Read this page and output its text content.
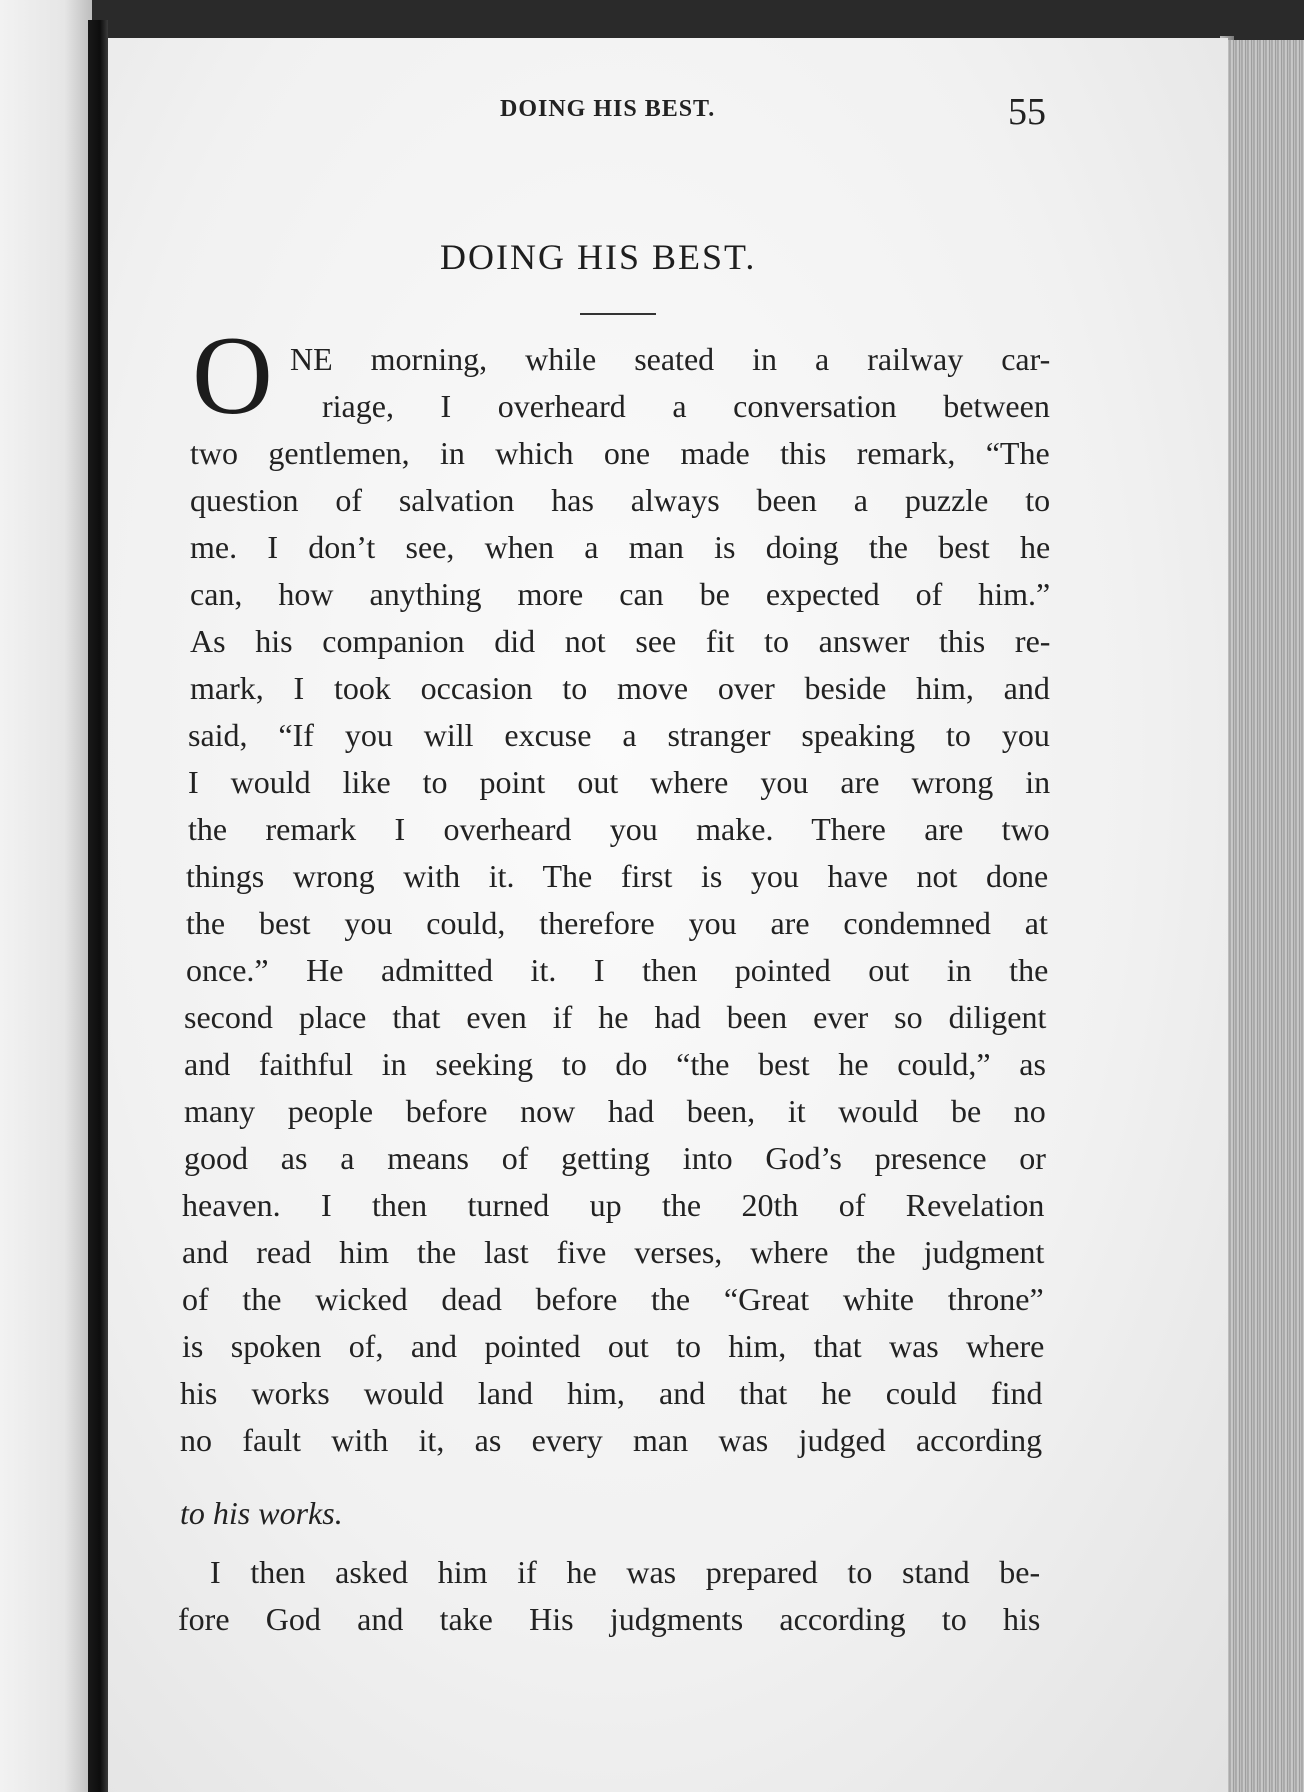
DOING HIS BEST.	55
DOING HIS BEST.
O NE morning, while seated in a railway car-
riage, I overheard a conversation between
two gentlemen, in which one made this remark, “The
question of salvation has always been a puzzle to
me. I don’t see, when a man is doing the best he
can, how anything more can be expected of him.”
As his companion did not see fit to answer this re-
mark, I took occasion to move over beside him, and
said, “If you will excuse a stranger speaking to you
I would like to point out where you are wrong in
the remark I overheard you make. There are two
things wrong with it. The first is you have not done
the best you could, therefore you are condemned at
once.” He admitted it. I then pointed out in the
second place that even if he had been ever so diligent
and faithful in seeking to do “the best he could,” as
many people before now had been, it would be no
good as a means of getting into God’s presence or
heaven. I then turned up the 20th of Revelation
and read him the last five verses, where the judgment
of the wicked dead before the “Great white throne”
is spoken of, and pointed out to him, that was where
his works would land him, and that he could find
no fault with it, as every man was judged according
to his works.
I then asked him if he was prepared to stand be-
fore God and take His judgments according to his
